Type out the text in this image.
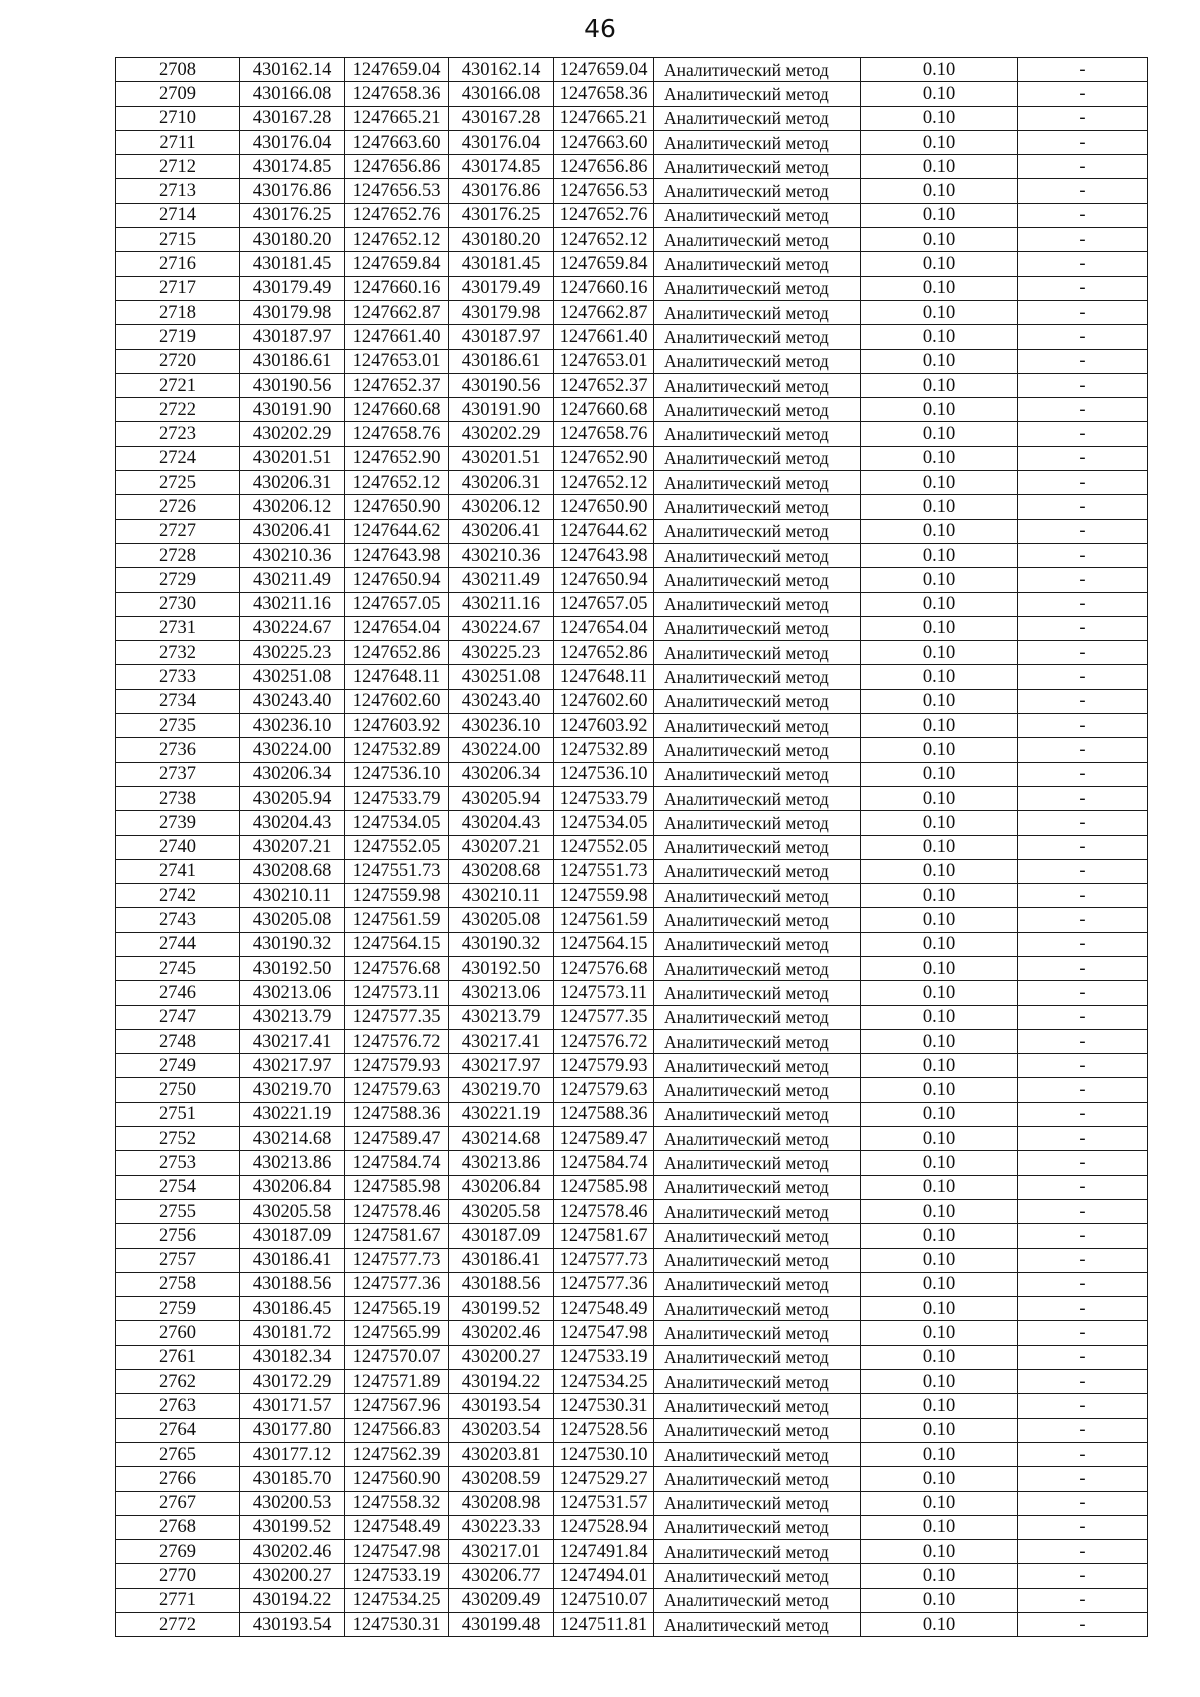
46
2708	430162.14	1247659.04	430162.14	1247659.04	Аналитический метод	0.10	-
2709	430166.08	1247658.36	430166.08	1247658.36	Аналитический метод	0.10	-
2710	430167.28	1247665.21	430167.28	1247665.21	Аналитический метод	0.10	-
2711	430176.04	1247663.60	430176.04	1247663.60	Аналитический метод	0.10	-
2712	430174.85	1247656.86	430174.85	1247656.86	Аналитический метод	0.10	-
2713	430176.86	1247656.53	430176.86	1247656.53	Аналитический метод	0.10	-
2714	430176.25	1247652.76	430176.25	1247652.76	Аналитический метод	0.10	-
2715	430180.20	1247652.12	430180.20	1247652.12	Аналитический метод	0.10	-
2716	430181.45	1247659.84	430181.45	1247659.84	Аналитический метод	0.10	-
2717	430179.49	1247660.16	430179.49	1247660.16	Аналитический метод	0.10	-
2718	430179.98	1247662.87	430179.98	1247662.87	Аналитический метод	0.10	-
2719	430187.97	1247661.40	430187.97	1247661.40	Аналитический метод	0.10	-
2720	430186.61	1247653.01	430186.61	1247653.01	Аналитический метод	0.10	-
2721	430190.56	1247652.37	430190.56	1247652.37	Аналитический метод	0.10	-
2722	430191.90	1247660.68	430191.90	1247660.68	Аналитический метод	0.10	-
2723	430202.29	1247658.76	430202.29	1247658.76	Аналитический метод	0.10	-
2724	430201.51	1247652.90	430201.51	1247652.90	Аналитический метод	0.10	-
2725	430206.31	1247652.12	430206.31	1247652.12	Аналитический метод	0.10	-
2726	430206.12	1247650.90	430206.12	1247650.90	Аналитический метод	0.10	-
2727	430206.41	1247644.62	430206.41	1247644.62	Аналитический метод	0.10	-
2728	430210.36	1247643.98	430210.36	1247643.98	Аналитический метод	0.10	-
2729	430211.49	1247650.94	430211.49	1247650.94	Аналитический метод	0.10	-
2730	430211.16	1247657.05	430211.16	1247657.05	Аналитический метод	0.10	-
2731	430224.67	1247654.04	430224.67	1247654.04	Аналитический метод	0.10	-
2732	430225.23	1247652.86	430225.23	1247652.86	Аналитический метод	0.10	-
2733	430251.08	1247648.11	430251.08	1247648.11	Аналитический метод	0.10	-
2734	430243.40	1247602.60	430243.40	1247602.60	Аналитический метод	0.10	-
2735	430236.10	1247603.92	430236.10	1247603.92	Аналитический метод	0.10	-
2736	430224.00	1247532.89	430224.00	1247532.89	Аналитический метод	0.10	-
2737	430206.34	1247536.10	430206.34	1247536.10	Аналитический метод	0.10	-
2738	430205.94	1247533.79	430205.94	1247533.79	Аналитический метод	0.10	-
2739	430204.43	1247534.05	430204.43	1247534.05	Аналитический метод	0.10	-
2740	430207.21	1247552.05	430207.21	1247552.05	Аналитический метод	0.10	-
2741	430208.68	1247551.73	430208.68	1247551.73	Аналитический метод	0.10	-
2742	430210.11	1247559.98	430210.11	1247559.98	Аналитический метод	0.10	-
2743	430205.08	1247561.59	430205.08	1247561.59	Аналитический метод	0.10	-
2744	430190.32	1247564.15	430190.32	1247564.15	Аналитический метод	0.10	-
2745	430192.50	1247576.68	430192.50	1247576.68	Аналитический метод	0.10	-
2746	430213.06	1247573.11	430213.06	1247573.11	Аналитический метод	0.10	-
2747	430213.79	1247577.35	430213.79	1247577.35	Аналитический метод	0.10	-
2748	430217.41	1247576.72	430217.41	1247576.72	Аналитический метод	0.10	-
2749	430217.97	1247579.93	430217.97	1247579.93	Аналитический метод	0.10	-
2750	430219.70	1247579.63	430219.70	1247579.63	Аналитический метод	0.10	-
2751	430221.19	1247588.36	430221.19	1247588.36	Аналитический метод	0.10	-
2752	430214.68	1247589.47	430214.68	1247589.47	Аналитический метод	0.10	-
2753	430213.86	1247584.74	430213.86	1247584.74	Аналитический метод	0.10	-
2754	430206.84	1247585.98	430206.84	1247585.98	Аналитический метод	0.10	-
2755	430205.58	1247578.46	430205.58	1247578.46	Аналитический метод	0.10	-
2756	430187.09	1247581.67	430187.09	1247581.67	Аналитический метод	0.10	-
2757	430186.41	1247577.73	430186.41	1247577.73	Аналитический метод	0.10	-
2758	430188.56	1247577.36	430188.56	1247577.36	Аналитический метод	0.10	-
2759	430186.45	1247565.19	430199.52	1247548.49	Аналитический метод	0.10	-
2760	430181.72	1247565.99	430202.46	1247547.98	Аналитический метод	0.10	-
2761	430182.34	1247570.07	430200.27	1247533.19	Аналитический метод	0.10	-
2762	430172.29	1247571.89	430194.22	1247534.25	Аналитический метод	0.10	-
2763	430171.57	1247567.96	430193.54	1247530.31	Аналитический метод	0.10	-
2764	430177.80	1247566.83	430203.54	1247528.56	Аналитический метод	0.10	-
2765	430177.12	1247562.39	430203.81	1247530.10	Аналитический метод	0.10	-
2766	430185.70	1247560.90	430208.59	1247529.27	Аналитический метод	0.10	-
2767	430200.53	1247558.32	430208.98	1247531.57	Аналитический метод	0.10	-
2768	430199.52	1247548.49	430223.33	1247528.94	Аналитический метод	0.10	-
2769	430202.46	1247547.98	430217.01	1247491.84	Аналитический метод	0.10	-
2770	430200.27	1247533.19	430206.77	1247494.01	Аналитический метод	0.10	-
2771	430194.22	1247534.25	430209.49	1247510.07	Аналитический метод	0.10	-
2772	430193.54	1247530.31	430199.48	1247511.81	Аналитический метод	0.10	-
